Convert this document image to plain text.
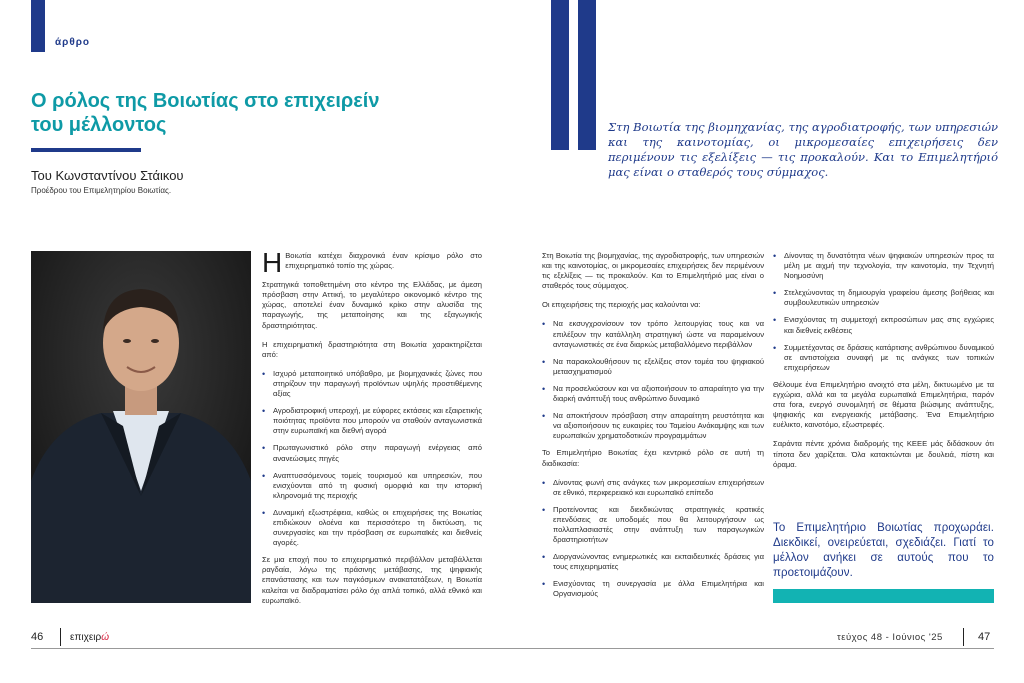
άρθρο
Ο ρόλος της Βοιωτίας στο επιχειρείν του μέλλοντος
Του Κωνσταντίνου Στάικου
Προέδρου του Επιμελητηρίου Βοιωτίας.
Στη Βοιωτία της βιομηχανίας, της αγροδιατροφής, των υπηρεσιών και της καινοτομίας, οι μικρομεσαίες επιχειρήσεις δεν περιμένουν τις εξελίξεις — τις προκαλούν. Και το Επιμελητήριό μας είναι ο σταθερός τους σύμμαχος.

Η Βοιωτία κατέχει διαχρονικά έναν κρίσιμο ρόλο στο επιχειρηματικό τοπίο της χώρας.

Στρατηγικά τοποθετημένη στο κέντρο της Ελλάδας, με άμεση πρόσβαση στην Αττική, το μεγαλύτερο οικονομικό κέντρο της χώρας, αποτελεί έναν δυναμικό κρίκο στην αλυσίδα της παραγωγής, της μεταποίησης και της εξαγωγικής δραστηριότητας.

Η επιχειρηματική δραστηριότητα στη Βοιωτία χαρακτηρίζεται από:

• Ισχυρό μεταποιητικό υπόβαθρο, με βιομηχανικές ζώνες που στηρίζουν την παραγωγή προϊόντων υψηλής προστιθέμενης αξίας
• Αγροδιατροφική υπεροχή, με εύφορες εκτάσεις και εξαιρετικής ποιότητας προϊόντα που μπορούν να σταθούν ανταγωνιστικά στην ευρωπαϊκή και διεθνή αγορά
• Πρωταγωνιστικό ρόλο στην παραγωγή ενέργειας από ανανεώσιμες πηγές
• Αναπτυσσόμενους τομείς τουρισμού και υπηρεσιών, που ενισχύονται από τη φυσική ομορφιά και την ιστορική κληρονομιά της περιοχής
• Δυναμική εξωστρέφεια, καθώς οι επιχειρήσεις της Βοιωτίας επιδιώκουν ολοένα και περισσότερο τη δικτύωση, τις συνεργασίες και την πρόσβαση σε ευρωπαϊκές και διεθνείς αγορές.

Σε μια εποχή που το επιχειρηματικό περιβάλλον μεταβάλλεται ραγδαία, λόγω της πράσινης μετάβασης, της ψηφιακής επανάστασης και των παγκόσμιων ανακατατάξεων, η Βοιωτία καλείται να διαδραματίσει ρόλο όχι απλά τοπικό, αλλά εθνικό και ευρωπαϊκό.

Στη Βοιωτία της βιομηχανίας, της αγροδιατροφής, των υπηρεσιών και της καινοτομίας, οι μικρομεσαίες επιχειρήσεις δεν περιμένουν τις εξελίξεις — τις προκαλούν. Και το Επιμελητήριό μας είναι ο σταθερός τους σύμμαχος.

Οι επιχειρήσεις της περιοχής μας καλούνται να:

• Να εκσυγχρονίσουν τον τρόπο λειτουργίας τους και να επιλέξουν την κατάλληλη στρατηγική ώστε να παραμείνουν ανταγωνιστικές σε ένα διαρκώς μεταβαλλόμενο περιβάλλον
• Να παρακολουθήσουν τις εξελίξεις στον τομέα του ψηφιακού μετασχηματισμού
• Να προσελκύσουν και να αξιοποιήσουν το απαραίτητο για την διαρκή ανάπτυξή τους ανθρώπινο δυναμικό
• Να αποκτήσουν πρόσβαση στην απαραίτητη ρευστότητα και να αξιοποιήσουν τις ευκαιρίες του Ταμείου Ανάκαμψης και των ευρωπαϊκών χρηματοδοτικών προγραμμάτων

Το Επιμελητήριο Βοιωτίας έχει κεντρικό ρόλο σε αυτή τη διαδικασία:

• Δίνοντας φωνή στις ανάγκες των μικρομεσαίων επιχειρήσεων σε εθνικό, περιφερειακό και ευρωπαϊκό επίπεδο
• Προτείνοντας και διεκδικώντας στρατηγικές κρατικές επενδύσεις σε υποδομές που θα λειτουργήσουν ως πολλαπλασιαστές στην ανάπτυξη των παραγωγικών δραστηριοτήτων
• Διοργανώνοντας ενημερωτικές και εκπαιδευτικές δράσεις για τους επιχειρηματίες
• Ενισχύοντας τη συνεργασία με άλλα Επιμελητήρια και Οργανισμούς
• Δίνοντας τη δυνατότητα νέων ψηφιακών υπηρεσιών προς τα μέλη με αιχμή την τεχνολογία, την καινοτομία, την Τεχνητή Νοημοσύνη
• Στελεχώνοντας τη δημιουργία γραφείου άμεσης βοήθειας και συμβουλευτικών υπηρεσιών
• Ενισχύοντας τη συμμετοχή εκπροσώπων μας στις εγχώριες και διεθνείς εκθέσεις
• Συμμετέχοντας σε δράσεις κατάρτισης ανθρώπινου δυναμικού σε αντιστοίχεια συναφή με τις ανάγκες των τοπικών επιχειρήσεων

Θέλουμε ένα Επιμελητήριο ανοιχτό στα μέλη, δικτυωμένο με τα εγχώρια, αλλά και τα μεγάλα ευρωπαϊκά Επιμελητήρια, παρόν στα fora, ενεργό συνομιλητή σε θέματα βιώσιμης ανάπτυξης, ψηφιακής και ενεργειακής μετάβασης. Ένα Επιμελητήριο ευέλικτο, καινοτόμο, εξωστρεφές.

Σαράντα πέντε χρόνια διαδρομής της ΚΕΕΕ μάς διδάσκουν ότι τίποτα δεν χαρίζεται. Όλα κατακτώνται με δουλειά, πίστη και όραμα.

Το Επιμελητήριο Βοιωτίας προχωράει. Διεκδικεί, ονειρεύεται, σχεδιάζει. Γιατί το μέλλον ανήκει σε αυτούς που το προετοιμάζουν.
46	επιχειρώ	τεύχος 48 - Ιούνιος '25	47
